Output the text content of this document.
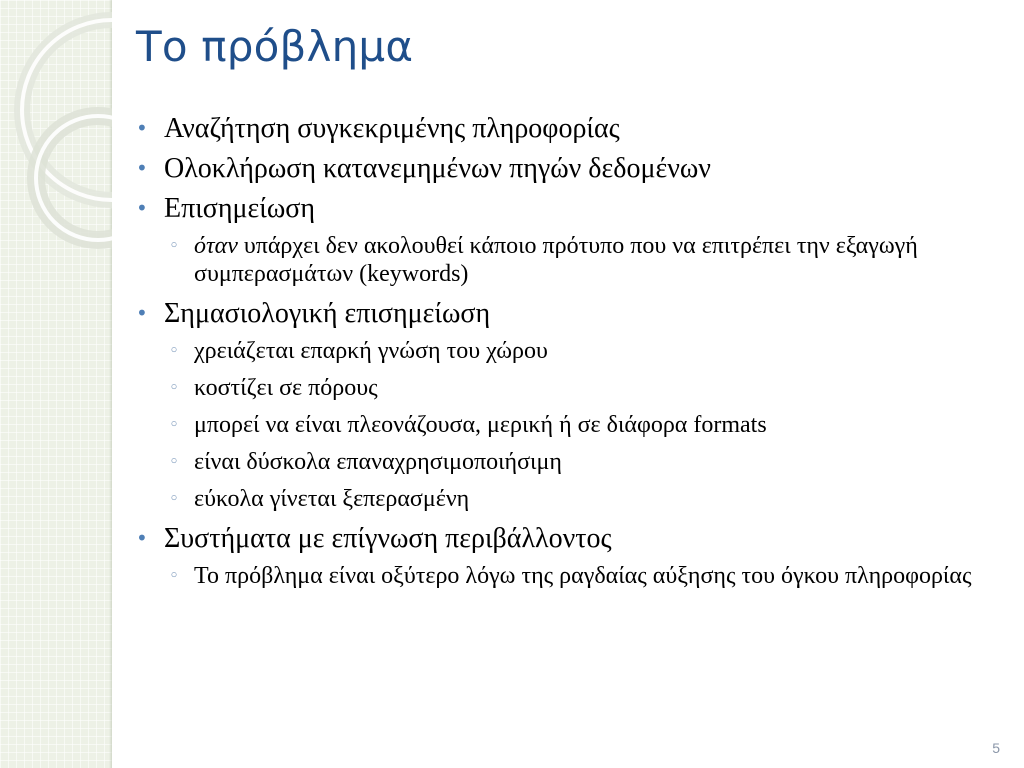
Το πρόβλημα
• Αναζήτηση συγκεκριμένης πληροφορίας
• Ολοκλήρωση κατανεμημένων πηγών δεδομένων
• Επισημείωση
◦ όταν υπάρχει δεν ακολουθεί κάποιο πρότυπο που να επιτρέπει την εξαγωγή συμπερασμάτων (keywords)
• Σημασιολογική επισημείωση
◦ χρειάζεται επαρκή γνώση του χώρου
◦ κοστίζει σε πόρους
◦ μπορεί να είναι πλεονάζουσα, μερική ή σε διάφορα formats
◦ είναι δύσκολα επαναχρησιμοποιήσιμη
◦ εύκολα γίνεται ξεπερασμένη
• Συστήματα με επίγνωση περιβάλλοντος
◦ Το πρόβλημα είναι οξύτερο λόγω της ραγδαίας αύξησης του όγκου πληροφορίας
5
